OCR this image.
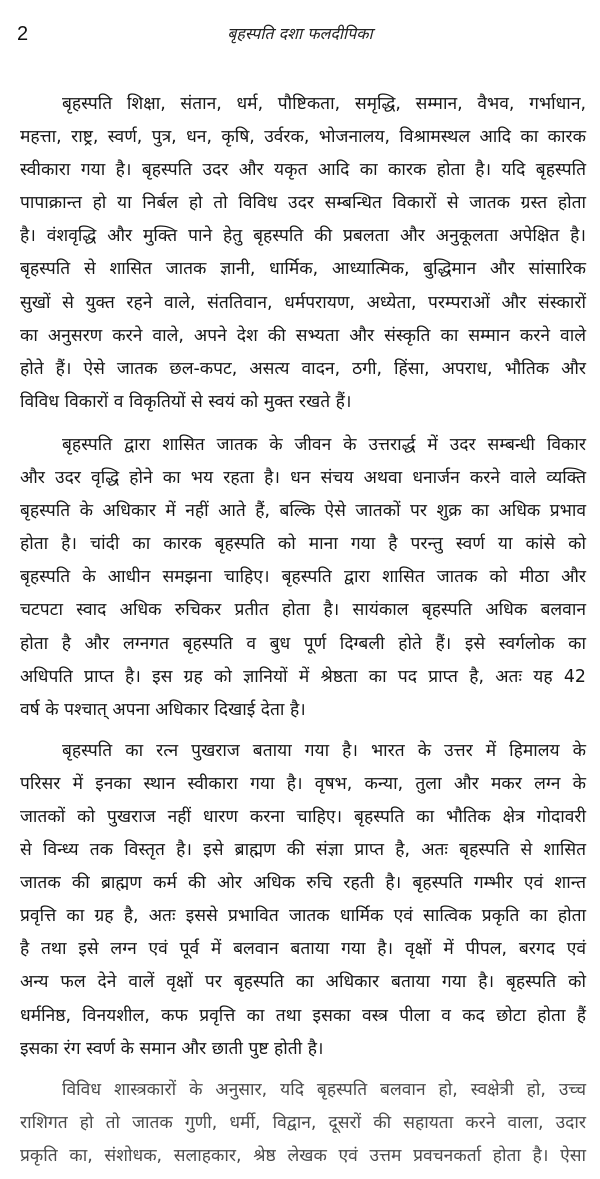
2	बृहस्पति दशा फलदीपिका
बृहस्पति शिक्षा, संतान, धर्म, पौष्टिकता, समृद्धि, सम्मान, वैभव, गर्भाधान,
महत्ता, राष्ट्र, स्वर्ण, पुत्र, धन, कृषि, उर्वरक, भोजनालय, विश्रामस्थल आदि का कारक
स्वीकारा गया है। बृहस्पति उदर और यकृत आदि का कारक होता है। यदि बृहस्पति
पापाक्रान्त हो या निर्बल हो तो विविध उदर सम्बन्धित विकारों से जातक ग्रस्त होता
है। वंशवृद्धि और मुक्ति पाने हेतु बृहस्पति की प्रबलता और अनुकूलता अपेक्षित है।
बृहस्पति से शासित जातक ज्ञानी, धार्मिक, आध्यात्मिक, बुद्धिमान और सांसारिक
सुखों से युक्त रहने वाले, संततिवान, धर्मपरायण, अध्येता, परम्पराओं और संस्कारों
का अनुसरण करने वाले, अपने देश की सभ्यता और संस्कृति का सम्मान करने वाले
होते हैं। ऐसे जातक छल-कपट, असत्य वादन, ठगी, हिंसा, अपराध, भौतिक और
विविध विकारों व विकृतियों से स्वयं को मुक्त रखते हैं।
बृहस्पति द्वारा शासित जातक के जीवन के उत्तरार्द्ध में उदर सम्बन्धी विकार
और उदर वृद्धि होने का भय रहता है। धन संचय अथवा धनार्जन करने वाले व्यक्ति
बृहस्पति के अधिकार में नहीं आते हैं, बल्कि ऐसे जातकों पर शुक्र का अधिक प्रभाव
होता है। चांदी का कारक बृहस्पति को माना गया है परन्तु स्वर्ण या कांसे को
बृहस्पति के आधीन समझना चाहिए। बृहस्पति द्वारा शासित जातक को मीठा और
चटपटा स्वाद अधिक रुचिकर प्रतीत होता है। सायंकाल बृहस्पति अधिक बलवान
होता है और लग्नगत बृहस्पति व बुध पूर्ण दिग्बली होते हैं। इसे स्वर्गलोक का
अधिपति प्राप्त है। इस ग्रह को ज्ञानियों में श्रेष्ठता का पद प्राप्त है, अतः यह 42
वर्ष के पश्चात् अपना अधिकार दिखाई देता है।
बृहस्पति का रत्न पुखराज बताया गया है। भारत के उत्तर में हिमालय के
परिसर में इनका स्थान स्वीकारा गया है। वृषभ, कन्या, तुला और मकर लग्न के
जातकों को पुखराज नहीं धारण करना चाहिए। बृहस्पति का भौतिक क्षेत्र गोदावरी
से विन्ध्य तक विस्तृत है। इसे ब्राह्मण की संज्ञा प्राप्त है, अतः बृहस्पति से शासित
जातक की ब्राह्मण कर्म की ओर अधिक रुचि रहती है। बृहस्पति गम्भीर एवं शान्त
प्रवृत्ति का ग्रह है, अतः इससे प्रभावित जातक धार्मिक एवं सात्विक प्रकृति का होता
है तथा इसे लग्न एवं पूर्व में बलवान बताया गया है। वृक्षों में पीपल, बरगद एवं
अन्य फल देने वालें वृक्षों पर बृहस्पति का अधिकार बताया गया है। बृहस्पति को
धर्मनिष्ठ, विनयशील, कफ प्रवृत्ति का तथा इसका वस्त्र पीला व कद छोटा होता हैं
इसका रंग स्वर्ण के समान और छाती पुष्ट होती है।
विविध शास्त्रकारों के अनुसार, यदि बृहस्पति बलवान हो, स्वक्षेत्री हो, उच्च
राशिगत हो तो जातक गुणी, धर्मी, विद्वान, दूसरों की सहायता करने वाला, उदार
प्रकृति का, संशोधक, सलाहकार, श्रेष्ठ लेखक एवं उत्तम प्रवचनकर्ता होता है। ऐसा
